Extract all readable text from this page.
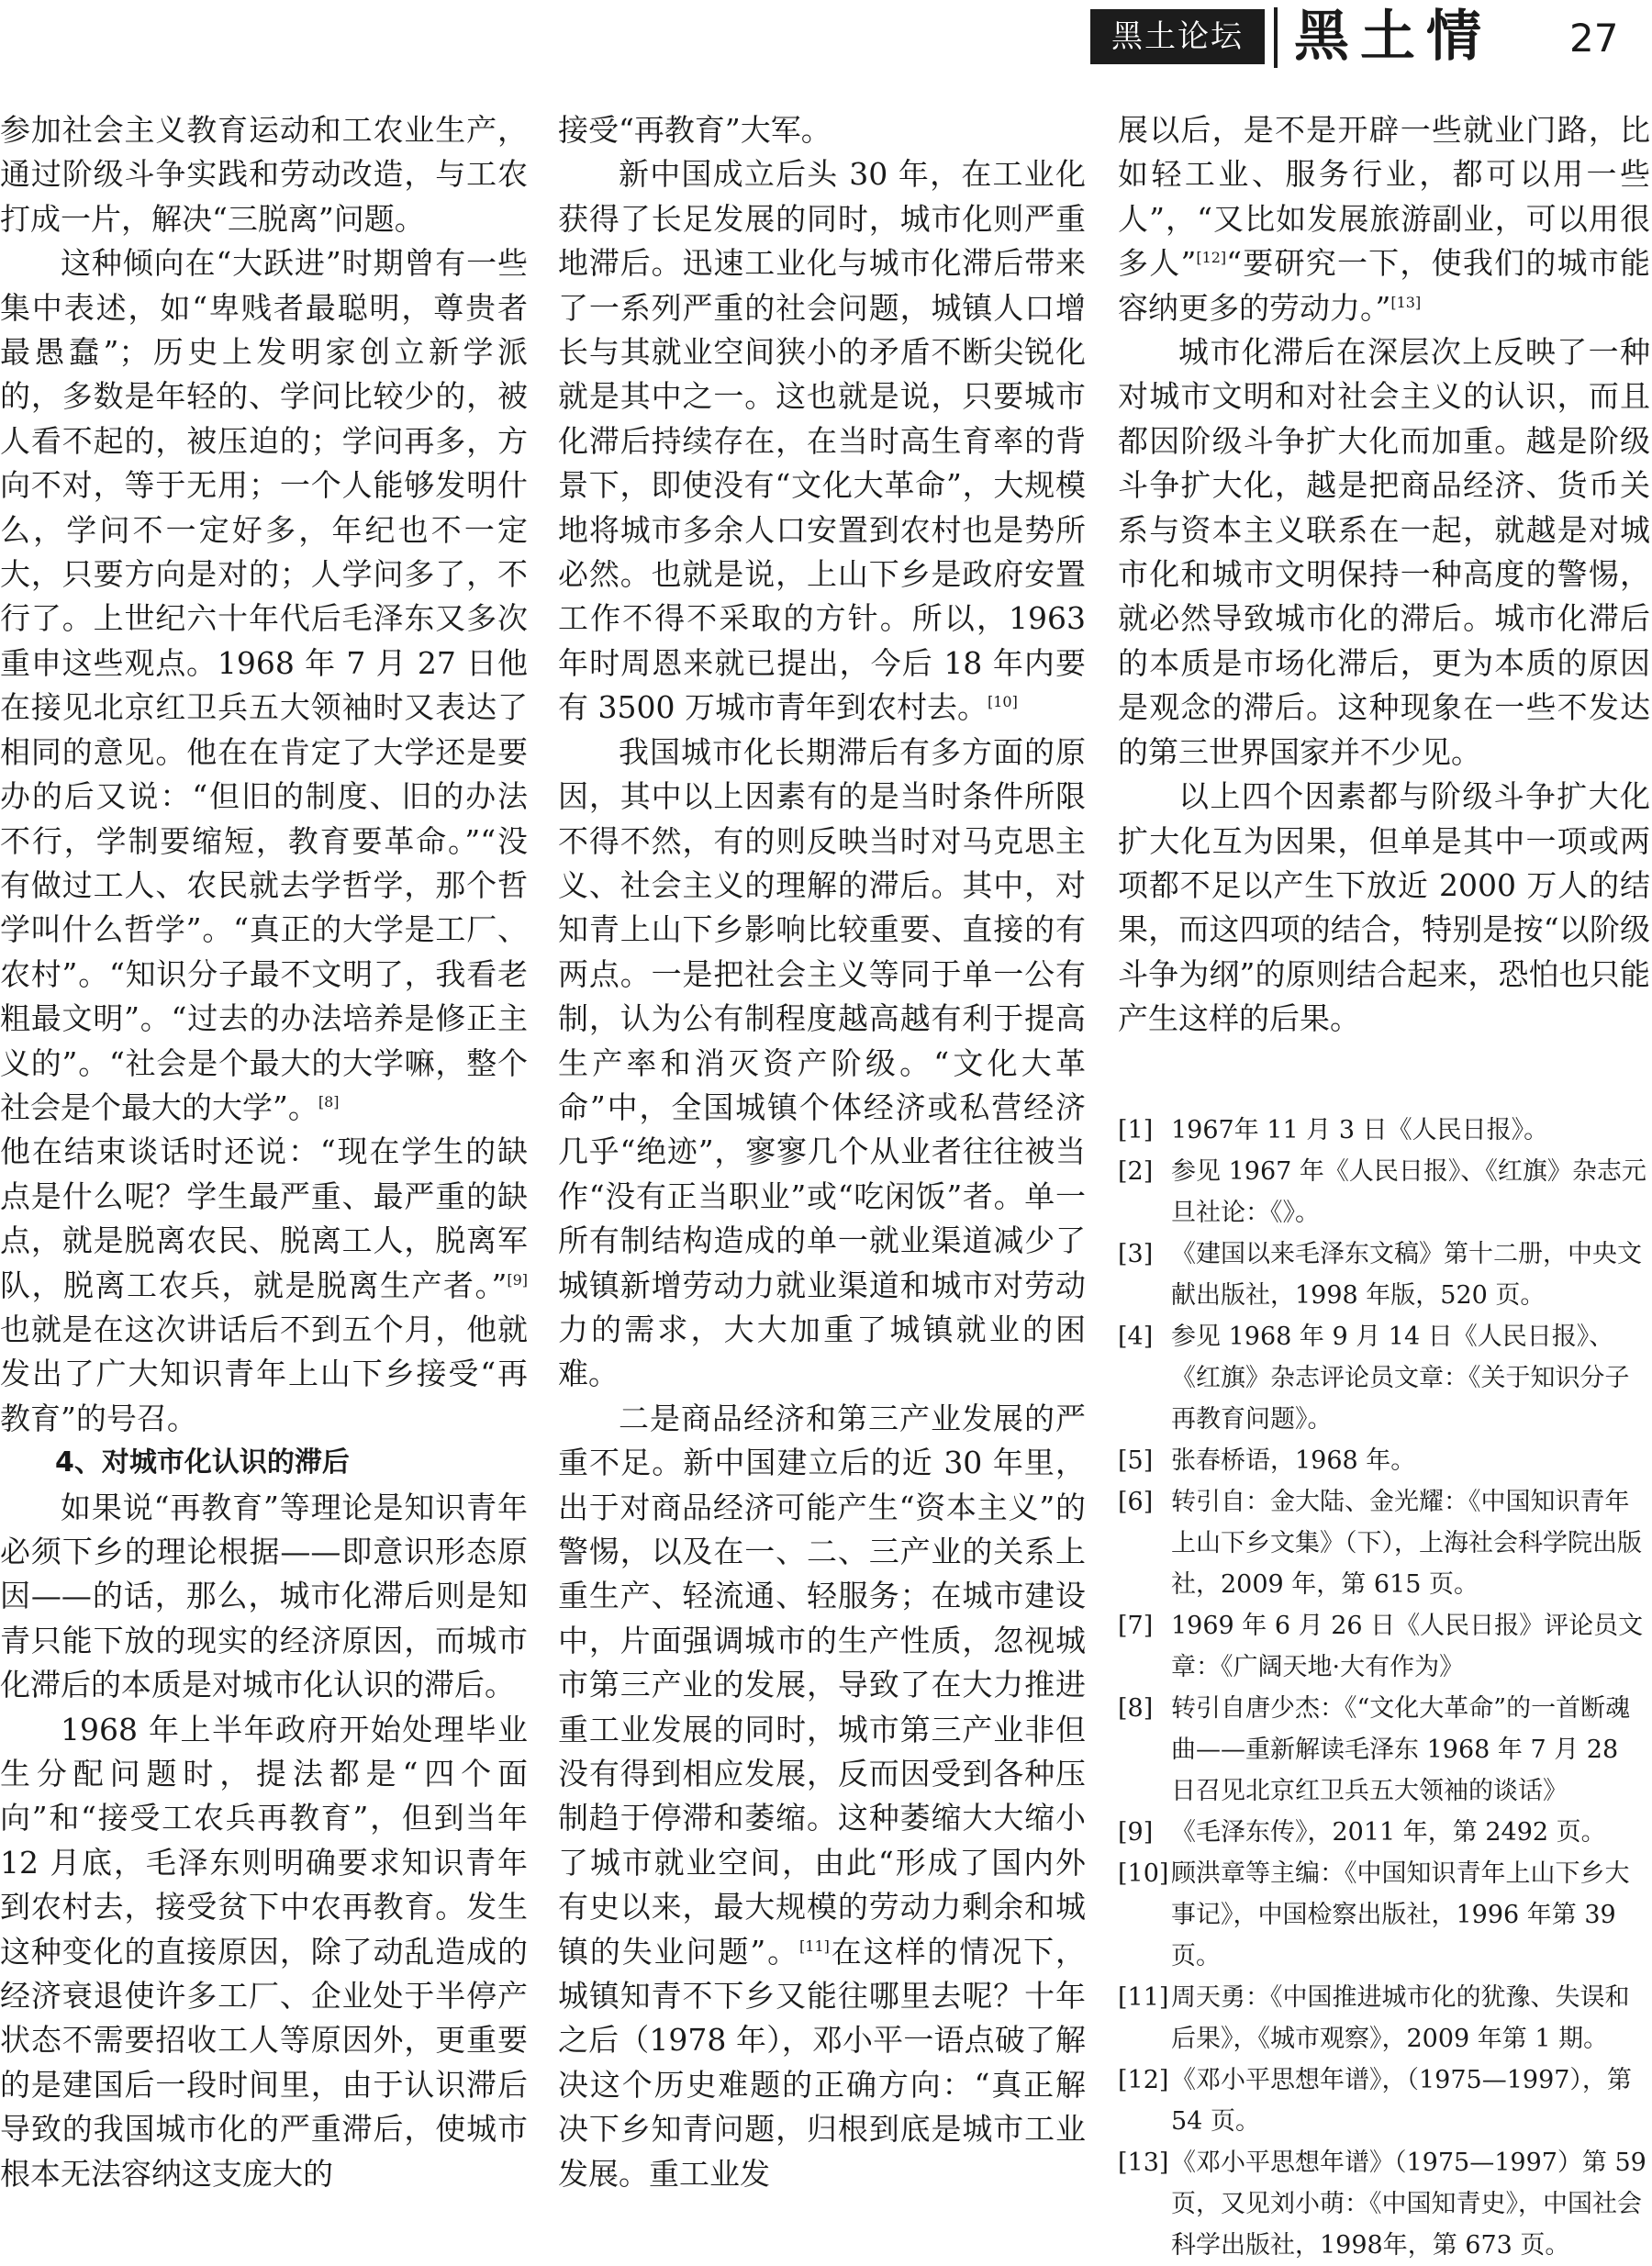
黑土论坛 黑土情 27

参加社会主义教育运动和工农业生产，通过阶级斗争实践和劳动改造，与工农打成一片，解决“三脱离”问题。

这种倾向在“大跃进”时期曾有一些集中表述，如“卑贱者最聪明，尊贵者最愚蠢”；历史上发明家创立新学派的，多数是年轻的、学问比较少的，被人看不起的，被压迫的；学问再多，方向不对，等于无用；一个人能够发明什么，学问不一定好多，年纪也不一定大，只要方向是对的；人学问多了，不行了。上世纪六十年代后毛泽东又多次重申这些观点。1968 年 7 月 27 日他在接见北京红卫兵五大领袖时又表达了相同的意见。他在在肯定了大学还是要办的后又说：“但旧的制度、旧的办法不行，学制要缩短，教育要革命。”“没有做过工人、农民就去学哲学，那个哲学叫什么哲学”。“真正的大学是工厂、农村”。“知识分子最不文明了，我看老粗最文明”。“过去的办法培养是修正主义的”。“社会是个最大的大学嘛，整个社会是个最大的大学”。[8]

他在结束谈话时还说：“现在学生的缺点是什么呢？学生最严重、最严重的缺点，就是脱离农民、脱离工人，脱离军队，脱离工农兵，就是脱离生产者。”[9]也就是在这次讲话后不到五个月，他就发出了广大知识青年上山下乡接受“再教育”的号召。

4、对城市化认识的滞后

如果说“再教育”等理论是知识青年必须下乡的理论根据——即意识形态原因——的话，那么，城市化滞后则是知青只能下放的现实的经济原因，而城市化滞后的本质是对城市化认识的滞后。

1968 年上半年政府开始处理毕业生分配问题时，提法都是“四个面向”和“接受工农兵再教育”，但到当年 12 月底，毛泽东则明确要求知识青年到农村去，接受贫下中农再教育。发生这种变化的直接原因，除了动乱造成的经济衰退使许多工厂、企业处于半停产状态不需要招收工人等原因外，更重要的是建国后一段时间里，由于认识滞后导致的我国城市化的严重滞后，使城市根本无法容纳这支庞大的

接受“再教育”大军。

新中国成立后头 30 年，在工业化获得了长足发展的同时，城市化则严重地滞后。迅速工业化与城市化滞后带来了一系列严重的社会问题，城镇人口增长与其就业空间狭小的矛盾不断尖锐化就是其中之一。这也就是说，只要城市化滞后持续存在，在当时高生育率的背景下，即使没有“文化大革命”，大规模地将城市多余人口安置到农村也是势所必然。也就是说，上山下乡是政府安置工作不得不采取的方针。所以，1963 年时周恩来就已提出，今后 18 年内要有 3500 万城市青年到农村去。[10]

我国城市化长期滞后有多方面的原因，其中以上因素有的是当时条件所限不得不然，有的则反映当时对马克思主义、社会主义的理解的滞后。其中，对知青上山下乡影响比较重要、直接的有两点。一是把社会主义等同于单一公有制，认为公有制程度越高越有利于提高生产率和消灭资产阶级。“文化大革命”中，全国城镇个体经济或私营经济几乎“绝迹”，寥寥几个从业者往往被当作“没有正当职业”或“吃闲饭”者。单一所有制结构造成的单一就业渠道减少了城镇新增劳动力就业渠道和城市对劳动力的需求，大大加重了城镇就业的困难。

二是商品经济和第三产业发展的严重不足。新中国建立后的近 30 年里，出于对商品经济可能产生“资本主义”的警惕，以及在一、二、三产业的关系上重生产、轻流通、轻服务；在城市建设中，片面强调城市的生产性质，忽视城市第三产业的发展，导致了在大力推进重工业发展的同时，城市第三产业非但没有得到相应发展，反而因受到各种压制趋于停滞和萎缩。这种萎缩大大缩小了城市就业空间，由此“形成了国内外有史以来，最大规模的劳动力剩余和城镇的失业问题”。[11]在这样的情况下，城镇知青不下乡又能往哪里去呢？十年之后（1978 年），邓小平一语点破了解决这个历史难题的正确方向：“真正解决下乡知青问题，归根到底是城市工业发展。重工业发

展以后，是不是开辟一些就业门路，比如轻工业、服务行业，都可以用一些人”，“又比如发展旅游副业，可以用很多人”[12]“要研究一下，使我们的城市能容纳更多的劳动力。”[13]

城市化滞后在深层次上反映了一种对城市文明和对社会主义的认识，而且都因阶级斗争扩大化而加重。越是阶级斗争扩大化，越是把商品经济、货币关系与资本主义联系在一起，就越是对城市化和城市文明保持一种高度的警惕，就必然导致城市化的滞后。城市化滞后的本质是市场化滞后，更为本质的原因是观念的滞后。这种现象在一些不发达的第三世界国家并不少见。

以上四个因素都与阶级斗争扩大化扩大化互为因果，但单是其中一项或两项都不足以产生下放近 2000 万人的结果，而这四项的结合，特别是按“以阶级斗争为纲”的原则结合起来，恐怕也只能产生这样的后果。

[1] 1967年 11 月 3 日《人民日报》。
[2] 参见 1967 年《人民日报》、《红旗》杂志元旦社论：《》。
[3] 《建国以来毛泽东文稿》第十二册，中央文献出版社，1998 年版，520 页。
[4] 参见 1968 年 9 月 14 日《人民日报》、《红旗》杂志评论员文章：《关于知识分子再教育问题》。
[5] 张春桥语，1968 年。
[6] 转引自：金大陆、金光耀：《中国知识青年上山下乡文集》（下），上海社会科学院出版社，2009 年，第 615 页。
[7] 1969 年 6 月 26 日《人民日报》评论员文章：《广阔天地·大有作为》
[8] 转引自唐少杰：《“文化大革命”的一首断魂曲——重新解读毛泽东 1968 年 7 月 28 日召见北京红卫兵五大领袖的谈话》
[9] 《毛泽东传》，2011 年，第 2492 页。
[10] 顾洪章等主编：《中国知识青年上山下乡大事记》，中国检察出版社，1996 年第 39 页。
[11] 周天勇：《中国推进城市化的犹豫、失误和后果》，《城市观察》，2009 年第 1 期。
[12] 《邓小平思想年谱》，（1975—1997），第 54 页。
[13] 《邓小平思想年谱》（1975—1997）第 59 页，又见刘小萌：《中国知青史》，中国社会科学出版社，1998年，第 673 页。
